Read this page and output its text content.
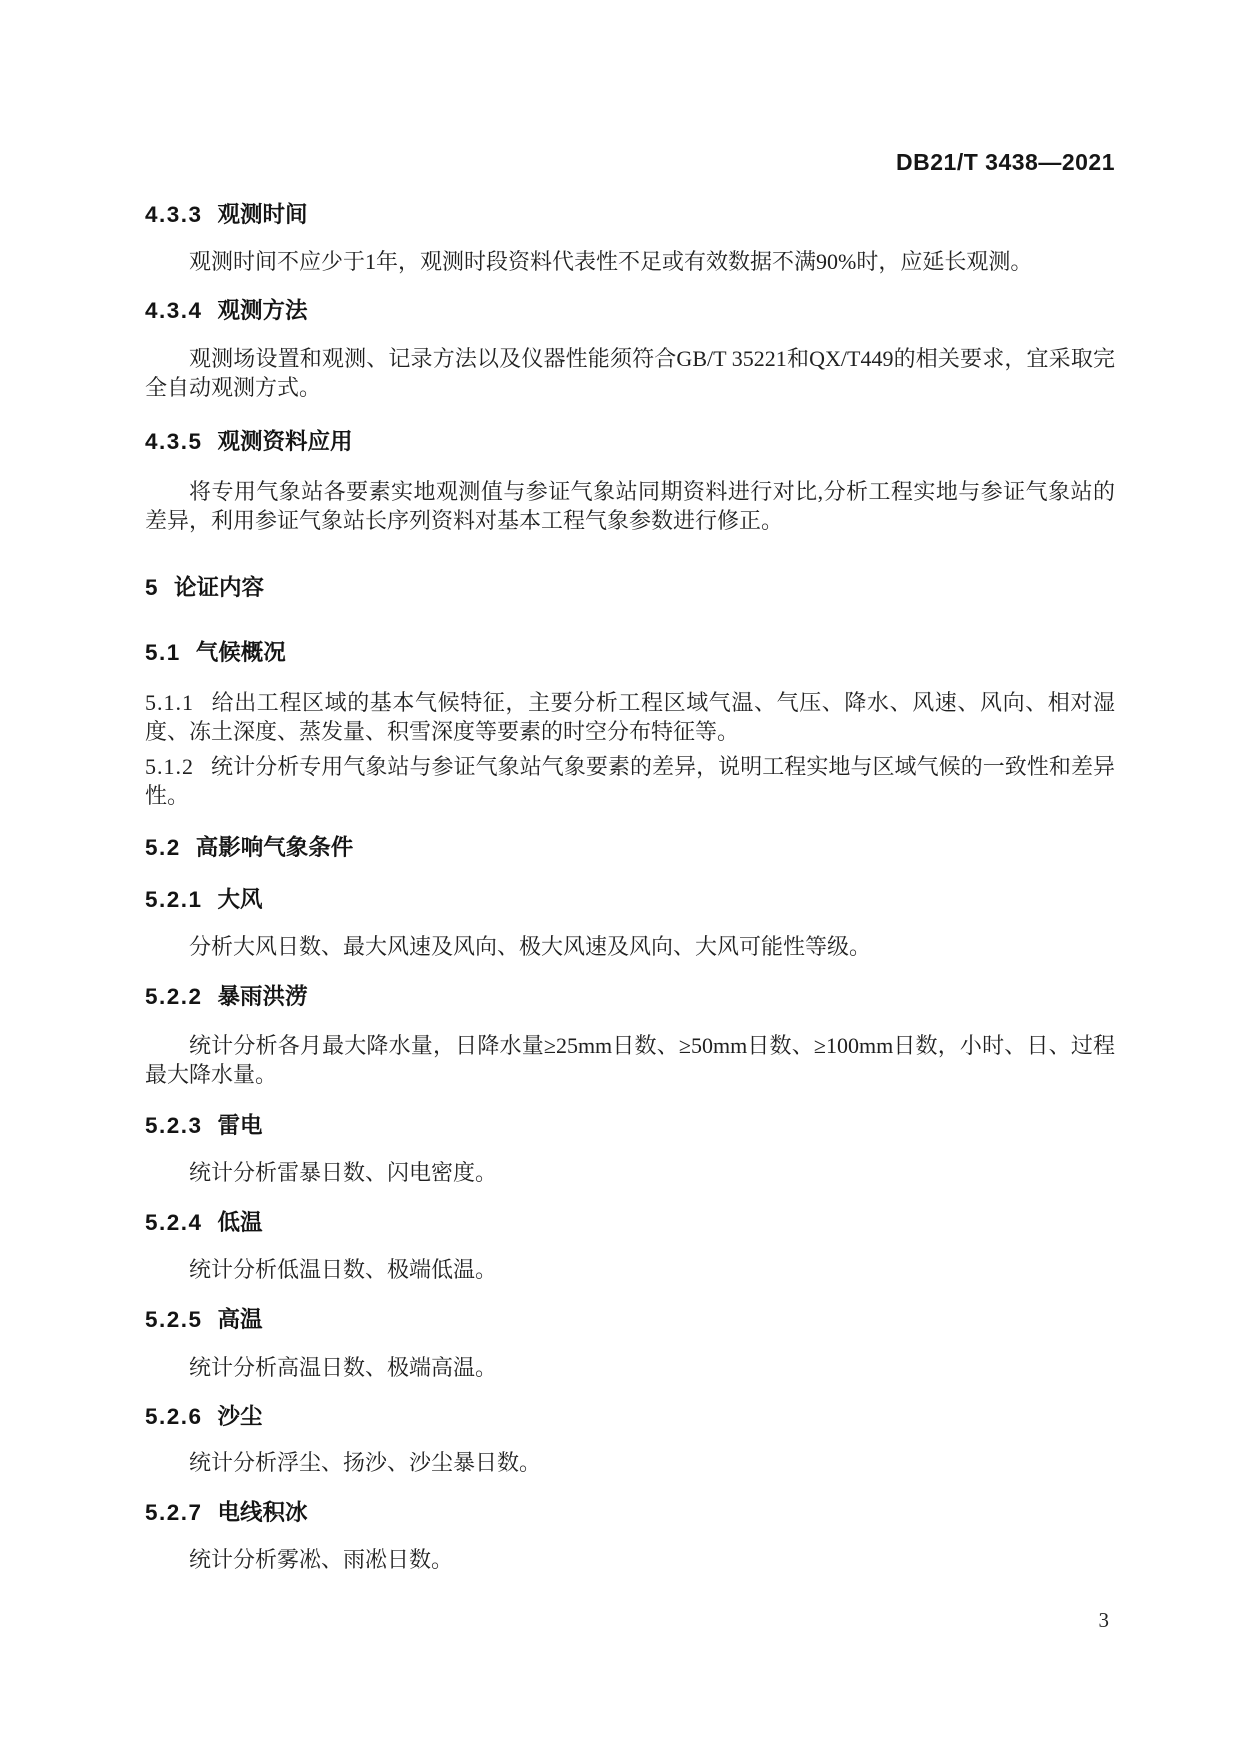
DB21/T 3438—2021
4.3.3 观测时间
观测时间不应少于1年，观测时段资料代表性不足或有效数据不满90%时，应延长观测。
4.3.4 观测方法
观测场设置和观测、记录方法以及仪器性能须符合GB/T 35221和QX/T449的相关要求，宜采取完全自动观测方式。
4.3.5 观测资料应用
将专用气象站各要素实地观测值与参证气象站同期资料进行对比,分析工程实地与参证气象站的差异，利用参证气象站长序列资料对基本工程气象参数进行修正。
5 论证内容
5.1 气候概况
5.1.1 给出工程区域的基本气候特征，主要分析工程区域气温、气压、降水、风速、风向、相对湿度、冻土深度、蒸发量、积雪深度等要素的时空分布特征等。
5.1.2 统计分析专用气象站与参证气象站气象要素的差异，说明工程实地与区域气候的一致性和差异性。
5.2 高影响气象条件
5.2.1 大风
分析大风日数、最大风速及风向、极大风速及风向、大风可能性等级。
5.2.2 暴雨洪涝
统计分析各月最大降水量，日降水量≥25mm日数、≥50mm日数、≥100mm日数，小时、日、过程最大降水量。
5.2.3 雷电
统计分析雷暴日数、闪电密度。
5.2.4 低温
统计分析低温日数、极端低温。
5.2.5 高温
统计分析高温日数、极端高温。
5.2.6 沙尘
统计分析浮尘、扬沙、沙尘暴日数。
5.2.7 电线积冰
统计分析雾凇、雨凇日数。
3
